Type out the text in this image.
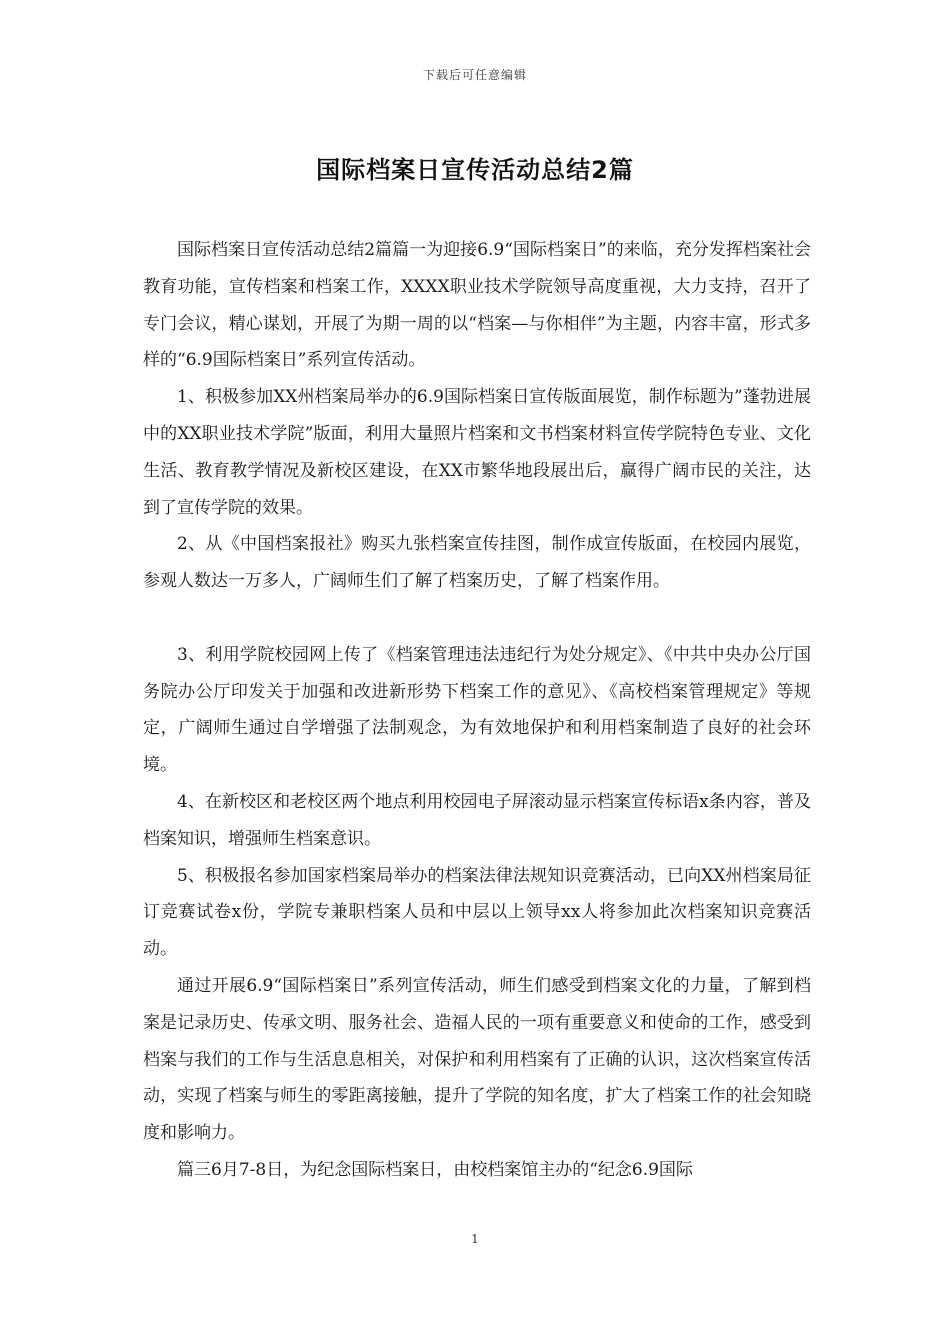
下载后可任意编辑
国际档案日宣传活动总结2篇

国际档案日宣传活动总结2篇篇一为迎接6.9“国际档案日”的来临，充分发挥档案社会教育功能，宣传档案和档案工作，XXXX职业技术学院领导高度重视，大力支持，召开了专门会议，精心谋划，开展了为期一周的以“档案—与你相伴”为主题，内容丰富，形式多样的“6.9国际档案日”系列宣传活动。

1、积极参加XX州档案局举办的6.9国际档案日宣传版面展览，制作标题为”蓬勃进展中的XX职业技术学院”版面，利用大量照片档案和文书档案材料宣传学院特色专业、文化生活、教育教学情况及新校区建设，在XX市繁华地段展出后，赢得广阔市民的关注，达到了宣传学院的效果。

2、从《中国档案报社》购买九张档案宣传挂图，制作成宣传版面，在校园内展览，参观人数达一万多人，广阔师生们了解了档案历史，了解了档案作用。

3、利用学院校园网上传了《档案管理违法违纪行为处分规定》、《中共中央办公厅国务院办公厅印发关于加强和改进新形势下档案工作的意见》、《高校档案管理规定》等规定，广阔师生通过自学增强了法制观念，为有效地保护和利用档案制造了良好的社会环境。

4、在新校区和老校区两个地点利用校园电子屏滚动显示档案宣传标语x条内容，普及档案知识，增强师生档案意识。

5、积极报名参加国家档案局举办的档案法律法规知识竞赛活动，已向XX州档案局征订竞赛试卷x份，学院专兼职档案人员和中层以上领导xx人将参加此次档案知识竞赛活动。

通过开展6.9“国际档案日”系列宣传活动，师生们感受到档案文化的力量，了解到档案是记录历史、传承文明、服务社会、造福人民的一项有重要意义和使命的工作，感受到档案与我们的工作与生活息息相关，对保护和利用档案有了正确的认识，这次档案宣传活动，实现了档案与师生的零距离接触，提升了学院的知名度，扩大了档案工作的社会知晓度和影响力。

篇三6月7-8日，为纪念国际档案日，由校档案馆主办的“纪念6.9国际

1
